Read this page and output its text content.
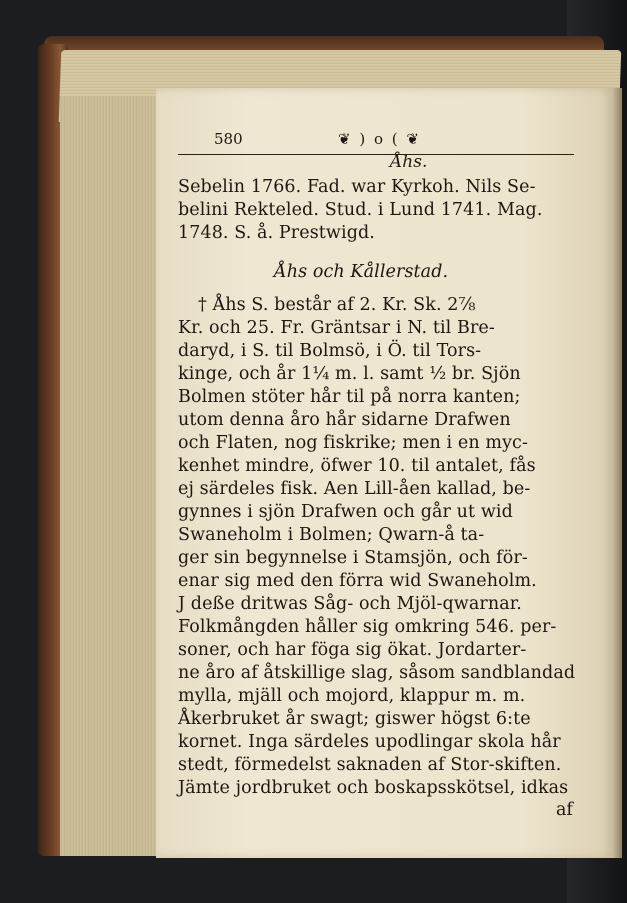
580	❦ ) o ( ❦
Åhs.
Sebelin 1766. Fad. war Kyrkoh. Nils Se-
belini Rekteled. Stud. i Lund 1741. Mag.
1748. S. å. Prestwigd.
Åhs och Kållerstad.
† Åhs S. består af 2. Kr. Sk. 2⅞
Kr. och 25. Fr. Gräntsar i N. til Bre-
daryd, i S. til Bolmsö, i Ö. til Tors-
kinge, och år 1¼ m. l. samt ½ br. Sjön
Bolmen stöter hår til på norra kanten;
utom denna åro hår sidarne Drafwen
och Flaten, nog fiskrike; men i en myc-
kenhet mindre, öfwer 10. til antalet, fås
ej särdeles fisk. Aen Lill-åen kallad, be-
gynnes i sjön Drafwen och går ut wid
Swaneholm i Bolmen; Qwarn-å ta-
ger sin begynnelse i Stamsjön, och för-
enar sig med den förra wid Swaneholm.
J deße dritwas Såg- och Mjöl-qwarnar.
Folkmångden håller sig omkring 546. per-
soner, och har föga sig ökat. Jordarter-
ne åro af åtskillige slag, såsom sandblandad
mylla, mjäll och mojord, klappur m. m.
Åkerbruket år swagt; giswer högst 6:te
kornet. Inga särdeles upodlingar skola hår
stedt, förmedelst saknaden af Stor-skiften.
Jämte jordbruket och boskapsskötsel, idkas
af
